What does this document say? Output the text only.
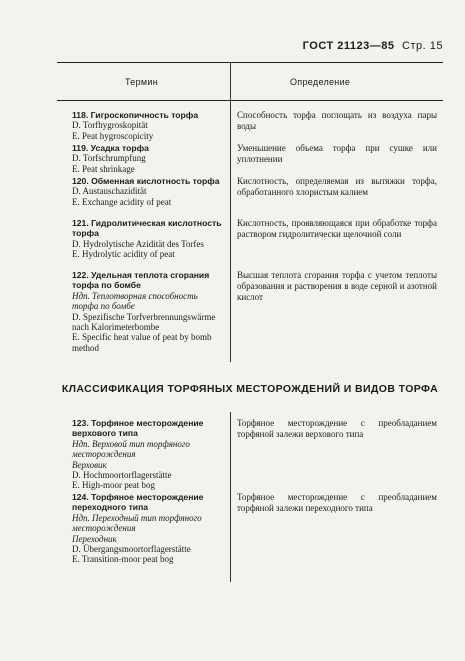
ГОСТ 21123—85 Стр. 15
Термин	Определение

118. Гигроскопичность торфа

D. Torfhygroskopität

E. Peat hygroscopicity

Способность торфа поглощать из воздуха пары воды

119. Усадка торфа

D. Torfschrumpfung

E. Peat shrinkage

Уменьшение объема торфа при сушке или уплотнении

120. Обменная кислотность торфа

D. Austauschazidität

E. Exchange acidity of peat

Кислотность, определяемая из вытяжки торфа, обработанного хлористым калием

121. Гидролитическая кислотность торфа

D. Hydrolytische Azidität des Torfes

E. Hydrolytic acidity of peat

Кислотность, проявляющаяся при обработке торфа раствором гидролитически щелочной соли

122. Удельная теплота сгорания торфа по бомбе

Ндп. Теплотворная способность торфа по бомбе

D. Spezifische Torfverbrennungswärme nach Kalorimeterbombe

E. Specific heat value of peat by bomb method

Высшая теплота сгорания торфа с учетом теплоты образования и растворения в воде серной и азотной кислот
КЛАССИФИКАЦИЯ ТОРФЯНЫХ МЕСТОРОЖДЕНИЙ И ВИДОВ ТОРФА

123. Торфяное месторождение верхового типа

Ндп. Верховой тип торфяного месторождения

Верховик

D. Hochmoortorflagerstätte

E. High-moor peat bog

Торфяное месторождение с преобладанием торфяной залежи верхового типа

124. Торфяное месторождение переходного типа

Ндп. Переходный тип торфяного месторождения

Переходник

D. Übergangsmoortorflagerstätte

E. Transition-moor peat bog

Торфяное месторождение с преобладанием торфяной залежи переходного типа
